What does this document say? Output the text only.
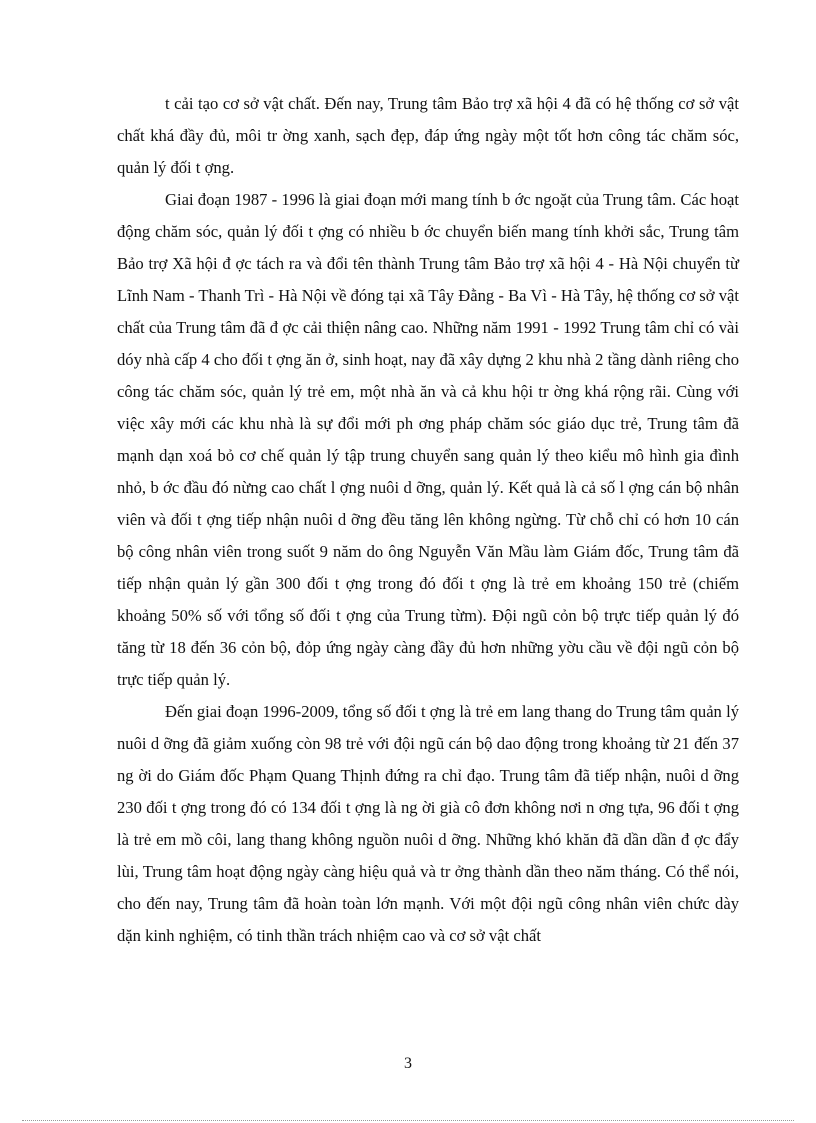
t cải tạo cơ sở vật chất. Đến nay, Trung tâm Bảo trợ xã hội 4 đã có hệ thống cơ sở vật chất khá đầy đủ, môi tr ờng xanh, sạch đẹp, đáp ứng ngày một tốt hơn công tác chăm sóc, quản lý đối t ợng.

Giai đoạn 1987 - 1996 là giai đoạn mới mang tính b ớc ngoặt của Trung tâm. Các hoạt động chăm sóc, quản lý đối t ợng có nhiều b ớc chuyển biến mang tính khởi sắc, Trung tâm Bảo trợ Xã hội đ ợc tách ra và đổi tên thành Trung tâm Bảo trợ xã hội 4 - Hà Nội chuyển từ Lĩnh Nam - Thanh Trì - Hà Nội về đóng tại xã Tây Đằng - Ba Vì - Hà Tây, hệ thống cơ sở vật chất của Trung tâm đã đ ợc cải thiện nâng cao. Những năm 1991 - 1992 Trung tâm chỉ có vài dóy nhà cấp 4 cho đối t ợng ăn ở, sinh hoạt, nay đã xây dựng 2 khu nhà 2 tầng dành riêng cho công tác chăm sóc, quản lý trẻ em, một nhà ăn và cả khu hội tr ờng khá rộng rãi. Cùng với việc xây mới các khu nhà là sự đổi mới ph ơng pháp chăm sóc giáo dục trẻ, Trung tâm đã mạnh dạn xoá bỏ cơ chế quản lý tập trung chuyển sang quản lý theo kiểu mô hình gia đình nhỏ, b ớc đầu đó nừng cao chất l ợng nuôi d ỡng, quản lý. Kết quả là cả số l ợng cán bộ nhân viên và đối t ợng tiếp nhận nuôi d ỡng đều tăng lên không ngừng. Từ chỗ chỉ có hơn 10 cán bộ công nhân viên trong suốt 9 năm do ông Nguyễn Văn Mầu làm Giám đốc, Trung tâm đã tiếp nhận quản lý gần 300 đối t ợng trong đó đối t ợng là trẻ em khoảng 150 trẻ (chiếm khoảng 50% số với tổng số đối t ợng của Trung từm). Đội ngũ cỏn bộ trực tiếp quản lý đó tăng từ 18 đến 36 cỏn bộ, đỏp ứng ngày càng đầy đủ hơn những yờu cầu về đội ngũ cỏn bộ trực tiếp quản lý.

Đến giai đoạn 1996-2009, tổng số đối t ợng là trẻ em lang thang do Trung tâm quản lý nuôi d ỡng đã giảm xuống còn 98 trẻ với đội ngũ cán bộ dao động trong khoảng từ 21 đến 37 ng ời do Giám đốc Phạm Quang Thịnh đứng ra chỉ đạo. Trung tâm đã tiếp nhận, nuôi d ỡng 230 đối t ợng trong đó có 134 đối t ợng là ng ời già cô đơn không nơi n ơng tựa, 96 đối t ợng là trẻ em mồ côi, lang thang không nguồn nuôi d ỡng. Những khó khăn đã dần dần đ ợc đẩy lùi, Trung tâm hoạt động ngày càng hiệu quả và tr ởng thành dần theo năm tháng. Có thể nói, cho đến nay, Trung tâm đã hoàn toàn lớn mạnh. Với một đội ngũ công nhân viên chức dày dặn kinh nghiệm, có tinh thần trách nhiệm cao và cơ sở vật chất

3
